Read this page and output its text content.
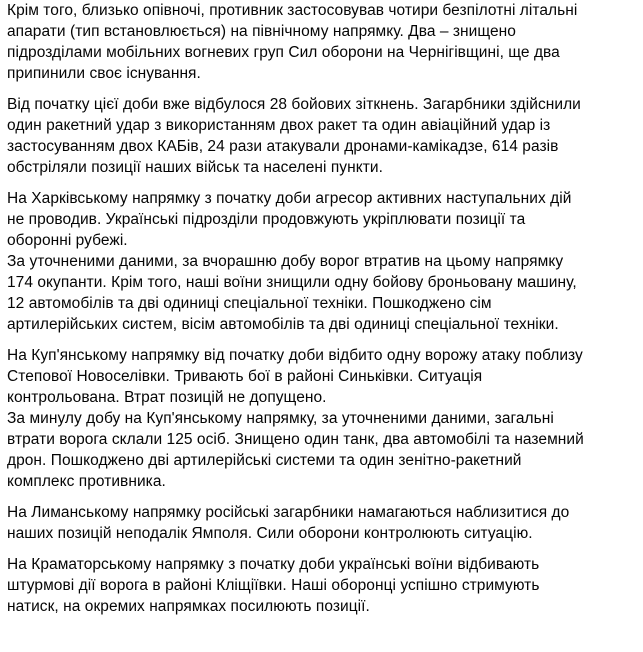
Крім того, близько опівночі, противник застосовував чотири безпілотні літальні
апарати (тип встановлюється) на північному напрямку. Два – знищено
підрозділами мобільних вогневих груп Сил оборони на Чернігівщині, ще два
припинили своє існування.

Від початку цієї доби вже відбулося 28 бойових зіткнень. Загарбники здійснили
один ракетний удар з використанням двох ракет та один авіаційний удар із
застосуванням двох КАБів, 24 рази атакували дронами-камікадзе, 614 разів
обстріляли позиції наших військ та населені пункти.

На Харківському напрямку з початку доби агресор активних наступальних дій
не проводив. Українські підрозділи продовжують укріплювати позиції та
оборонні рубежі.
За уточненими даними, за вчорашню добу ворог втратив на цьому напрямку
174 окупанти. Крім того, наші воїни знищили одну бойову броньовану машину,
12 автомобілів та дві одиниці спеціальної техніки. Пошкоджено сім
артилерійських систем, вісім автомобілів та дві одиниці спеціальної техніки.

На Куп'янському напрямку від початку доби відбито одну ворожу атаку поблизу
Степової Новоселівки. Тривають бої в районі Синьківки. Ситуація
контрольована. Втрат позицій не допущено.
За минулу добу на Куп'янському напрямку, за уточненими даними, загальні
втрати ворога склали 125 осіб. Знищено один танк, два автомобілі та наземний
дрон. Пошкоджено дві артилерійські системи та один зенітно-ракетний
комплекс противника.

На Лиманському напрямку російські загарбники намагаються наблизитися до
наших позицій неподалік Ямполя. Сили оборони контролюють ситуацію.

На Краматорському напрямку з початку доби українські воїни відбивають
штурмові дії ворога в районі Кліщіївки. Наші оборонці успішно стримують
натиск, на окремих напрямках посилюють позиції.
